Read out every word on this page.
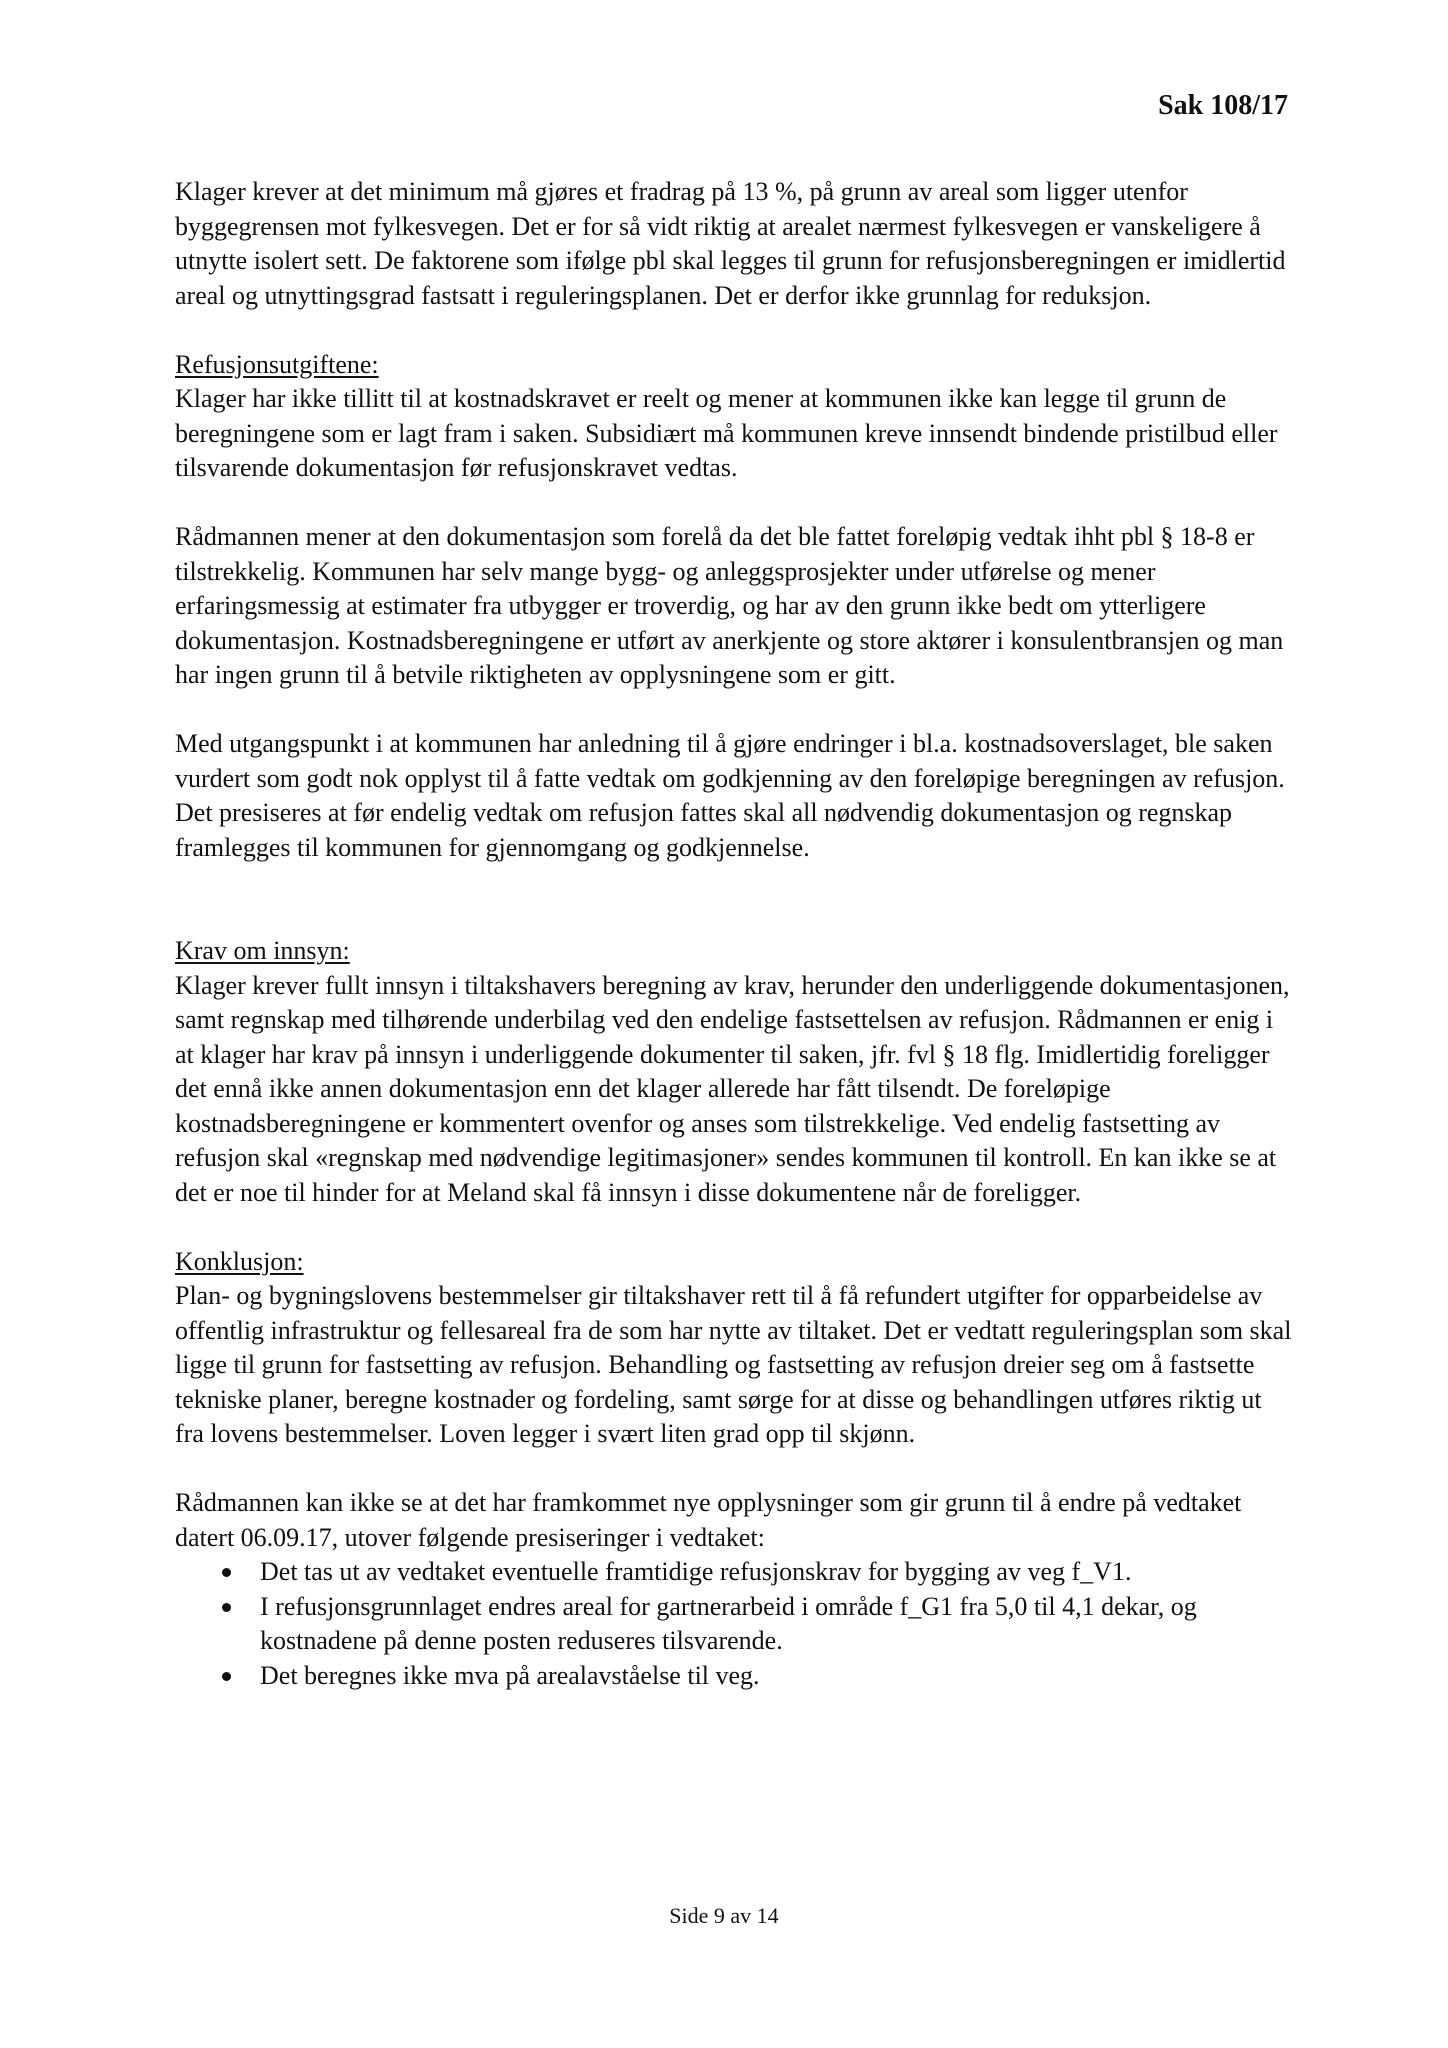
Sak 108/17

Klager krever at det minimum må gjøres et fradrag på 13 %, på grunn av areal som ligger utenfor byggegrensen mot fylkesvegen. Det er for så vidt riktig at arealet nærmest fylkesvegen er vanskeligere å utnytte isolert sett. De faktorene som ifølge pbl skal legges til grunn for refusjonsberegningen er imidlertid areal og utnyttingsgrad fastsatt i reguleringsplanen. Det er derfor ikke grunnlag for reduksjon.

Refusjonsutgiftene:

Klager har ikke tillitt til at kostnadskravet er reelt og mener at kommunen ikke kan legge til grunn de beregningene som er lagt fram i saken. Subsidiært må kommunen kreve innsendt bindende pristilbud eller tilsvarende dokumentasjon før refusjonskravet vedtas.

Rådmannen mener at den dokumentasjon som forelå da det ble fattet foreløpig vedtak ihht pbl § 18-8 er tilstrekkelig. Kommunen har selv mange bygg- og anleggsprosjekter under utførelse og mener erfaringsmessig at estimater fra utbygger er troverdig, og har av den grunn ikke bedt om ytterligere dokumentasjon. Kostnadsberegningene er utført av anerkjente og store aktører i konsulentbransjen og man har ingen grunn til å betvile riktigheten av opplysningene som er gitt.

Med utgangspunkt i at kommunen har anledning til å gjøre endringer i bl.a. kostnadsoverslaget, ble saken vurdert som godt nok opplyst til å fatte vedtak om godkjenning av den foreløpige beregningen av refusjon. Det presiseres at før endelig vedtak om refusjon fattes skal all nødvendig dokumentasjon og regnskap framlegges til kommunen for gjennomgang og godkjennelse.

Krav om innsyn:

Klager krever fullt innsyn i tiltakshavers beregning av krav, herunder den underliggende dokumentasjonen, samt regnskap med tilhørende underbilag ved den endelige fastsettelsen av refusjon. Rådmannen er enig i at klager har krav på innsyn i underliggende dokumenter til saken, jfr. fvl § 18 flg. Imidlertidig foreligger det ennå ikke annen dokumentasjon enn det klager allerede har fått tilsendt. De foreløpige kostnadsberegningene er kommentert ovenfor og anses som tilstrekkelige. Ved endelig fastsetting av refusjon skal «regnskap med nødvendige legitimasjoner» sendes kommunen til kontroll. En kan ikke se at det er noe til hinder for at Meland skal få innsyn i disse dokumentene når de foreligger.

Konklusjon:

Plan- og bygningslovens bestemmelser gir tiltakshaver rett til å få refundert utgifter for opparbeidelse av offentlig infrastruktur og fellesareal fra de som har nytte av tiltaket. Det er vedtatt reguleringsplan som skal ligge til grunn for fastsetting av refusjon. Behandling og fastsetting av refusjon dreier seg om å fastsette tekniske planer, beregne kostnader og fordeling, samt sørge for at disse og behandlingen utføres riktig ut fra lovens bestemmelser. Loven legger i svært liten grad opp til skjønn.

Rådmannen kan ikke se at det har framkommet nye opplysninger som gir grunn til å endre på vedtaket datert 06.09.17, utover følgende presiseringer i vedtaket:

Det tas ut av vedtaket eventuelle framtidige refusjonskrav for bygging av veg f_V1.
I refusjonsgrunnlaget endres areal for gartnerarbeid i område f_G1 fra 5,0 til 4,1 dekar, og kostnadene på denne posten reduseres tilsvarende.
Det beregnes ikke mva på arealavståelse til veg.
Side 9 av 14
